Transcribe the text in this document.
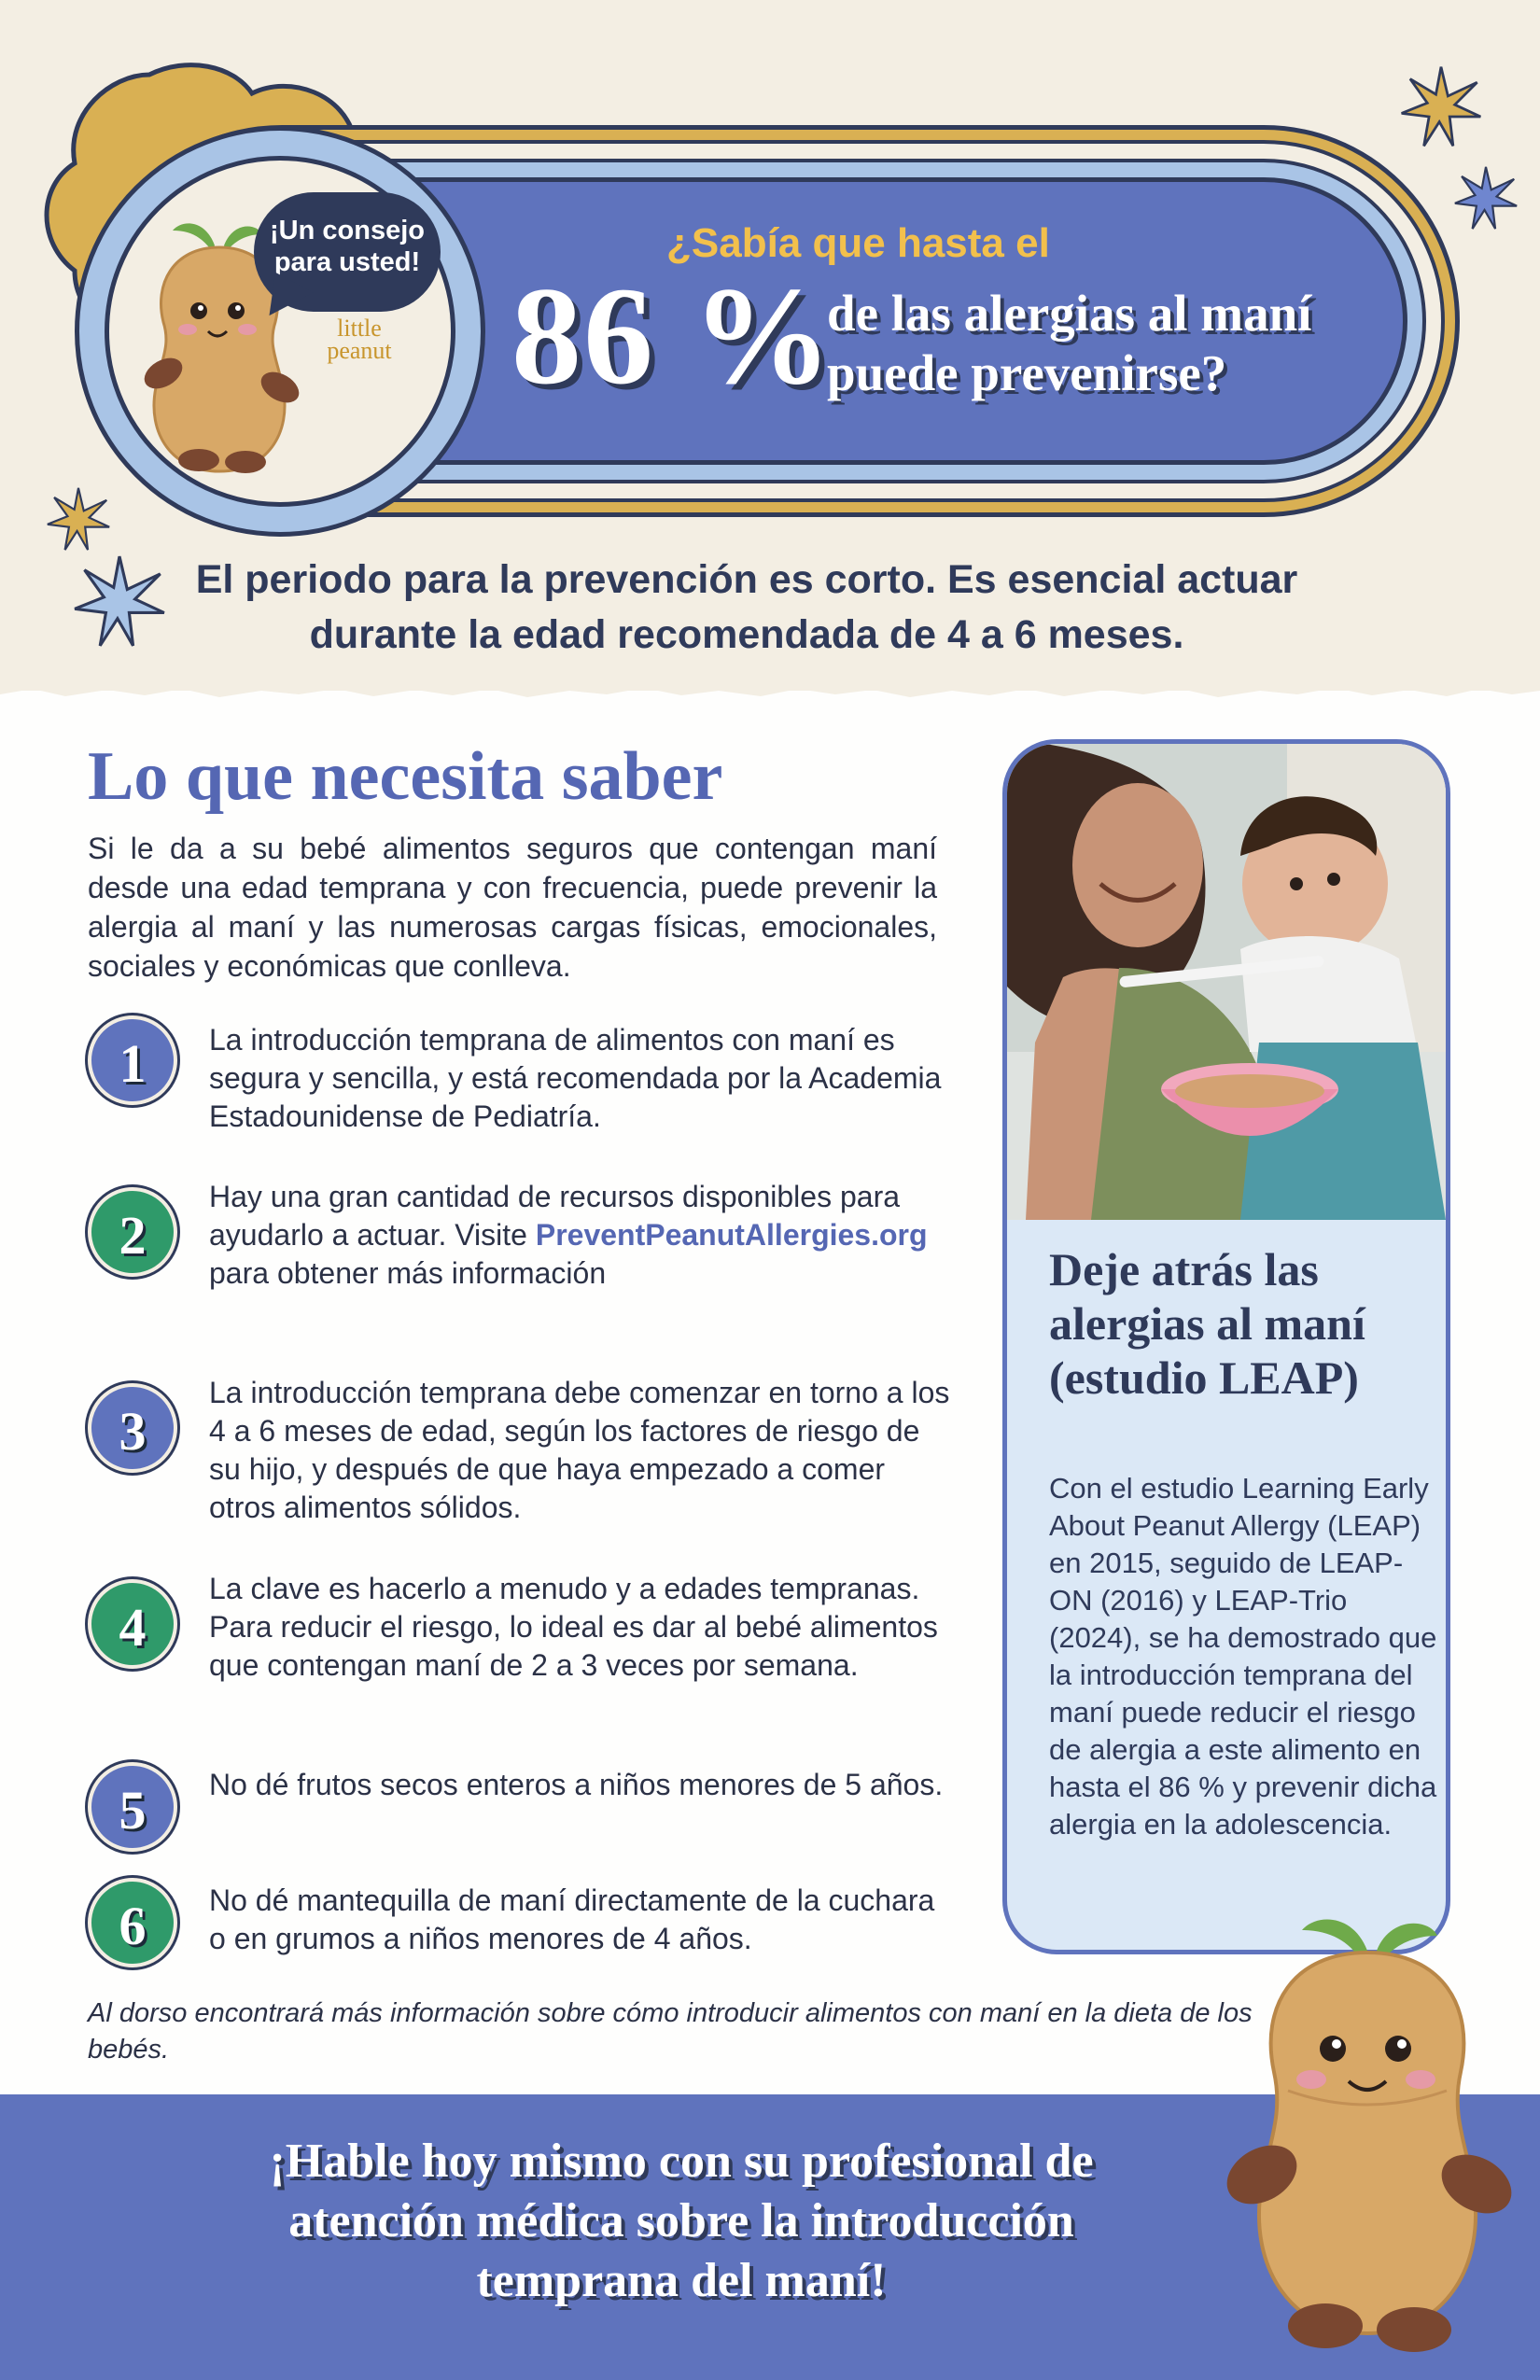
¡Un consejo para usted!
little
peanut
¿Sabía que hasta el
86 %
de las alergias al maní
puede prevenirse?
El periodo para la prevención es corto. Es esencial actuar durante la edad recomendada de 4 a 6 meses.
Lo que necesita saber

Si le da a su bebé alimentos seguros que contengan maní desde una edad temprana y con frecuencia, puede prevenir la alergia al maní y las numerosas cargas físicas, emocionales, sociales y económicas que conlleva.

1	La introducción temprana de alimentos con maní es segura y sencilla, y está recomendada por la Academia Estadounidense de Pediatría.
2
Hay una gran cantidad de recursos disponibles para ayudarlo a actuar. Visite PreventPeanutAllergies.org para obtener más información
3
La introducción temprana debe comenzar en torno a los 4 a 6 meses de edad, según los factores de riesgo de su hijo, y después de que haya empezado a comer otros alimentos sólidos.
4
La clave es hacerlo a menudo y a edades tempranas. Para reducir el riesgo, lo ideal es dar al bebé alimentos que contengan maní de 2 a 3 veces por semana.
5	No dé frutos secos enteros a niños menores de 5 años.
6	No dé mantequilla de maní directamente de la cuchara o en grumos a niños menores de 4 años.

Al dorso encontrará más información sobre cómo introducir alimentos con maní en la dieta de los bebés.

Deje atrás las alergias al maní (estudio LEAP)

Con el estudio Learning Early About Peanut Allergy (LEAP) en 2015, seguido de LEAP-ON (2016) y LEAP-Trio (2024), se ha demostrado que la introducción temprana del maní puede reducir el riesgo de alergia a este alimento en hasta el 86 % y prevenir dicha alergia en la adolescencia.

¡Hable hoy mismo con su profesional de atención médica sobre la introducción temprana del maní!
